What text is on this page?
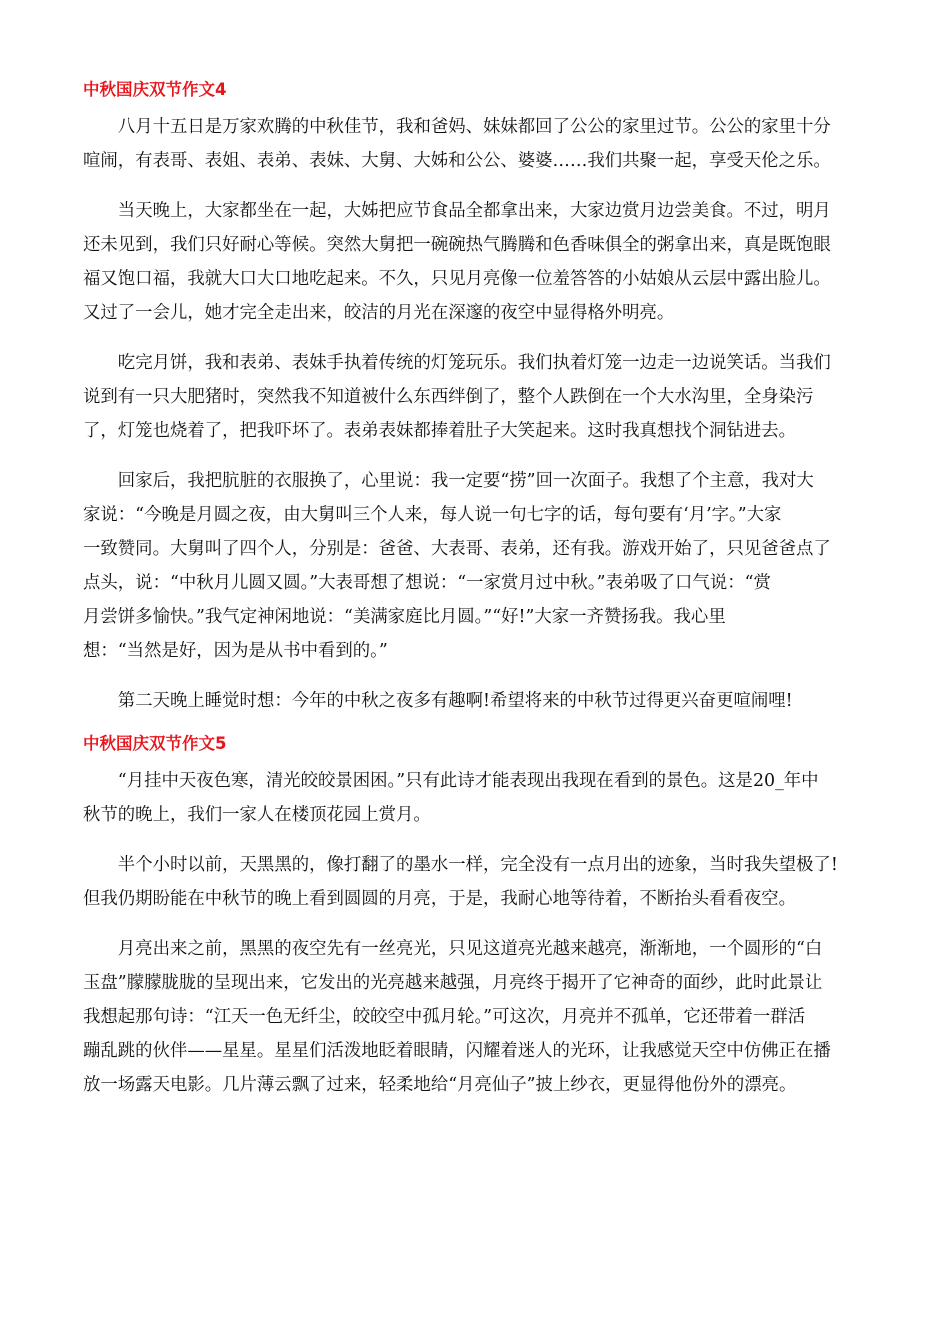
中秋国庆双节作文4
八月十五日是万家欢腾的中秋佳节，我和爸妈、妹妹都回了公公的家里过节。公公的家里十分
喧闹，有表哥、表姐、表弟、表妹、大舅、大姊和公公、婆婆……我们共聚一起，享受天伦之乐。
当天晚上，大家都坐在一起，大姊把应节食品全都拿出来，大家边赏月边尝美食。不过，明月
还未见到，我们只好耐心等候。突然大舅把一碗碗热气腾腾和色香味俱全的粥拿出来，真是既饱眼
福又饱口福，我就大口大口地吃起来。不久，只见月亮像一位羞答答的小姑娘从云层中露出脸儿。
又过了一会儿，她才完全走出来，皎洁的月光在深邃的夜空中显得格外明亮。
吃完月饼，我和表弟、表妹手执着传统的灯笼玩乐。我们执着灯笼一边走一边说笑话。当我们
说到有一只大肥猪时，突然我不知道被什么东西绊倒了，整个人跌倒在一个大水沟里，全身染污
了，灯笼也烧着了，把我吓坏了。表弟表妹都捧着肚子大笑起来。这时我真想找个洞钻进去。
回家后，我把肮脏的衣服换了，心里说：我一定要“捞”回一次面子。我想了个主意，我对大
家说：“今晚是月圆之夜，由大舅叫三个人来，每人说一句七字的话，每句要有‘月’字。”大家
一致赞同。大舅叫了四个人，分别是：爸爸、大表哥、表弟，还有我。游戏开始了，只见爸爸点了
点头，说：“中秋月儿圆又圆。”大表哥想了想说：“一家赏月过中秋。”表弟吸了口气说：“赏
月尝饼多愉快。”我气定神闲地说：“美满家庭比月圆。”“好!”大家一齐赞扬我。我心里
想：“当然是好，因为是从书中看到的。”
第二天晚上睡觉时想：今年的中秋之夜多有趣啊!希望将来的中秋节过得更兴奋更喧闹哩!
中秋国庆双节作文5
“月挂中天夜色寒，清光皎皎景困困。”只有此诗才能表现出我现在看到的景色。这是20_年中
秋节的晚上，我们一家人在楼顶花园上赏月。
半个小时以前，天黑黑的，像打翻了的墨水一样，完全没有一点月出的迹象，当时我失望极了!
但我仍期盼能在中秋节的晚上看到圆圆的月亮，于是，我耐心地等待着，不断抬头看看夜空。
月亮出来之前，黑黑的夜空先有一丝亮光，只见这道亮光越来越亮，渐渐地，一个圆形的“白
玉盘”朦朦胧胧的呈现出来，它发出的光亮越来越强，月亮终于揭开了它神奇的面纱，此时此景让
我想起那句诗：“江天一色无纤尘，皎皎空中孤月轮。”可这次，月亮并不孤单，它还带着一群活
蹦乱跳的伙伴——星星。星星们活泼地眨着眼睛，闪耀着迷人的光环，让我感觉天空中仿佛正在播
放一场露天电影。几片薄云飘了过来，轻柔地给“月亮仙子”披上纱衣，更显得他份外的漂亮。
